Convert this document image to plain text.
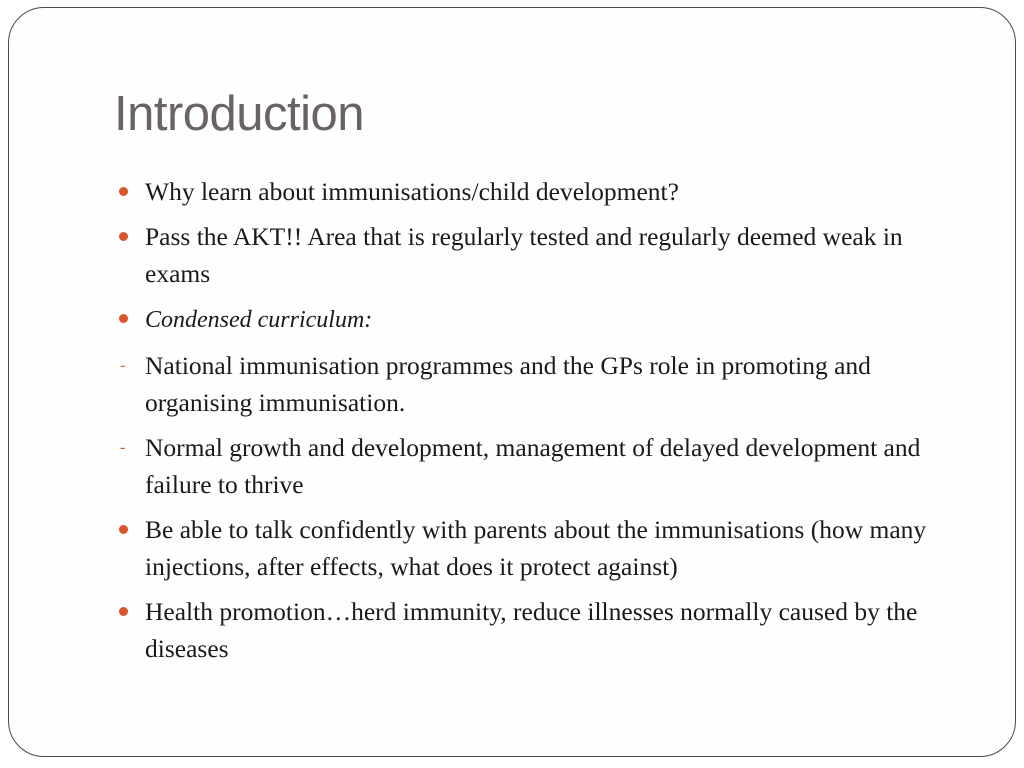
Introduction
Why learn about immunisations/child development?
Pass the AKT!! Area that is regularly tested and regularly deemed weak in exams
Condensed curriculum:
- National immunisation programmes and the GPs role in promoting and organising immunisation.
- Normal growth and development, management of delayed development and failure to thrive
Be able to talk confidently with parents about the immunisations (how many injections, after effects, what does it protect against)
Health promotion…herd immunity, reduce illnesses normally caused by the diseases
